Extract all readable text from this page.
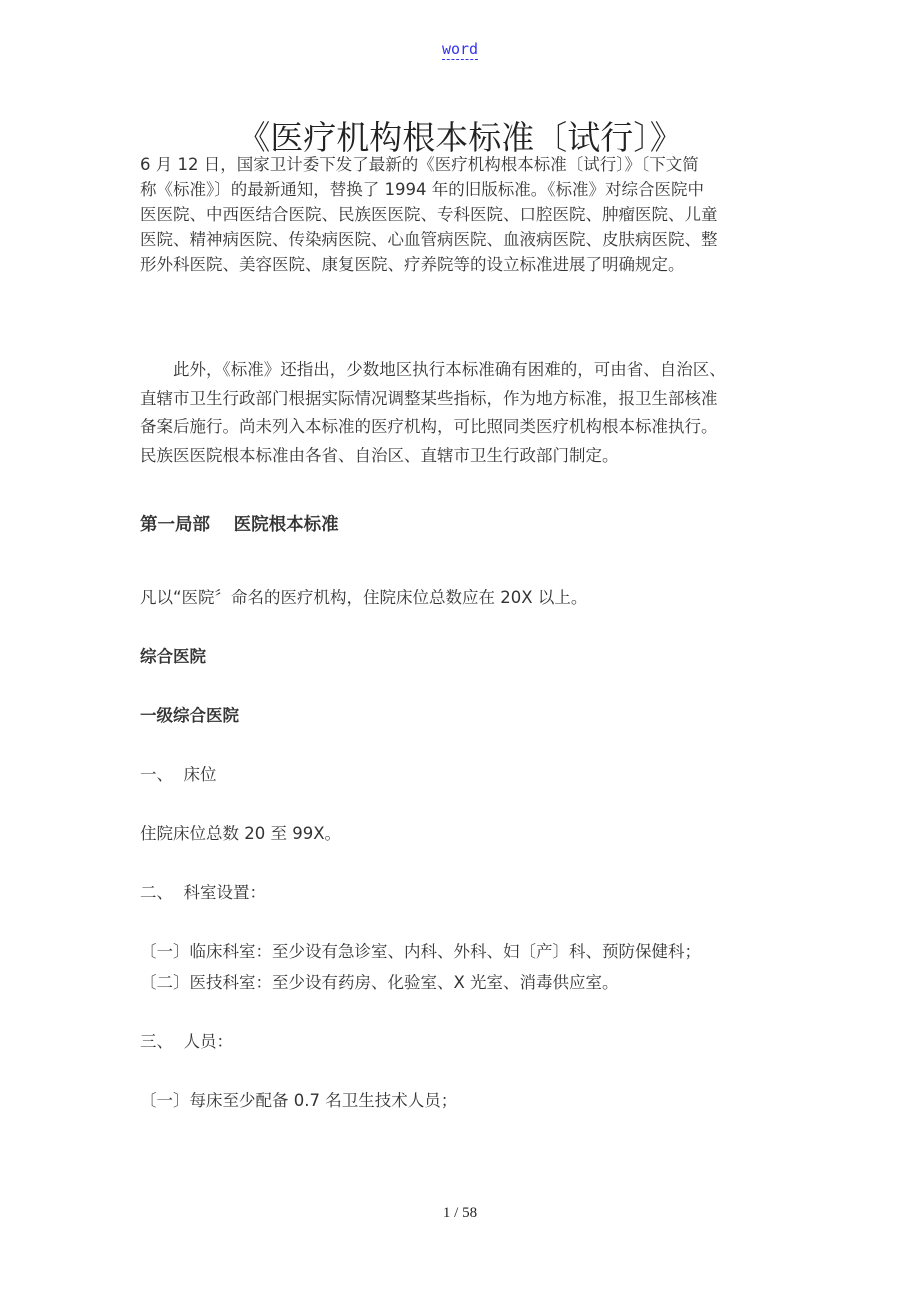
word
《医疗机构根本标准〔试行〕》
6 月 12 日，国家卫计委下发了最新的《医疗机构根本标准〔试行〕》〔下文简
称《标准》〕的最新通知，替换了 1994 年的旧版标准。《标准》对综合医院中
医医院、中西医结合医院、民族医医院、专科医院、口腔医院、肿瘤医院、儿童
医院、精神病医院、传染病医院、心血管病医院、血液病医院、皮肤病医院、整
形外科医院、美容医院、康复医院、疗养院等的设立标准进展了明确规定。
　　此外，《标准》还指出，少数地区执行本标准确有困难的，可由省、自治区、
直辖市卫生行政部门根据实际情况调整某些指标，作为地方标准，报卫生部核准
备案后施行。尚未列入本标准的医疗机构，可比照同类医疗机构根本标准执行。
民族医医院根本标准由各省、自治区、直辖市卫生行政部门制定。
第一局部　 医院根本标准
凡以“医院〞命名的医疗机构，住院床位总数应在 20X 以上。
综合医院
一级综合医院
一、  床位
住院床位总数 20 至 99X。
二、  科室设置：
〔一〕临床科室：至少设有急诊室、内科、外科、妇〔产〕科、预防保健科；
〔二〕医技科室：至少设有药房、化验室、X 光室、消毒供应室。
三、  人员：
〔一〕每床至少配备 0.7 名卫生技术人员；
1 / 58
